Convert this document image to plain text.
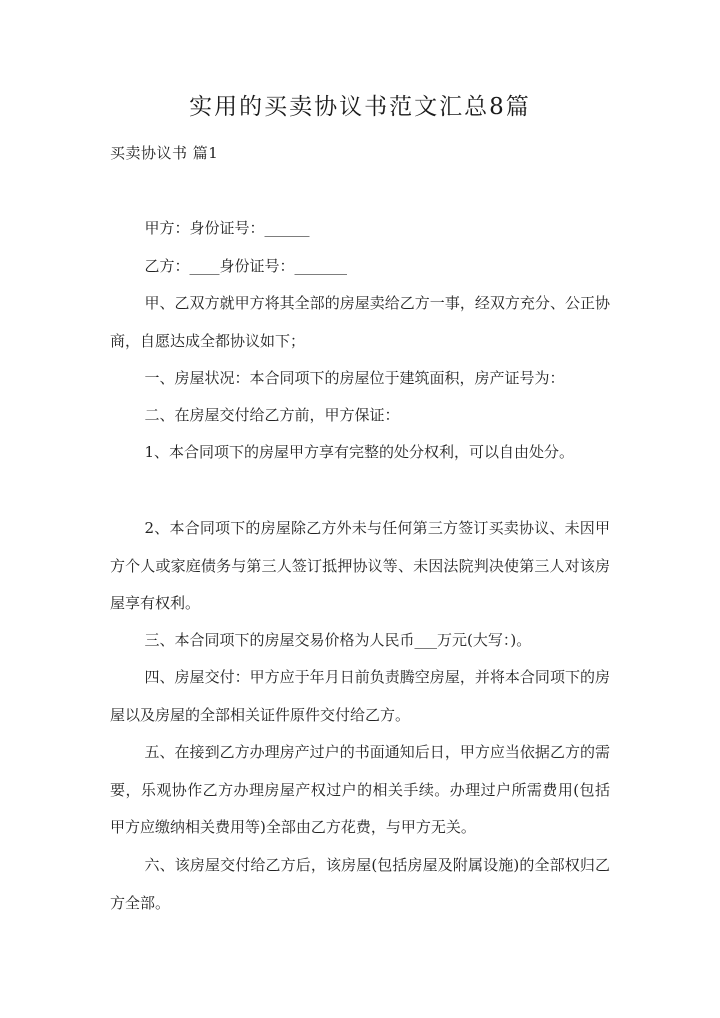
实用的买卖协议书范文汇总8篇
买卖协议书 篇1
甲方：身份证号：______
乙方：____身份证号：_______
甲、乙双方就甲方将其全部的房屋卖给乙方一事，经双方充分、公正协商，自愿达成全都协议如下；
一、房屋状况：本合同项下的房屋位于建筑面积，房产证号为：
二、在房屋交付给乙方前，甲方保证：
1、本合同项下的房屋甲方享有完整的处分权利，可以自由处分。
2、本合同项下的房屋除乙方外未与任何第三方签订买卖协议、未因甲方个人或家庭债务与第三人签订抵押协议等、未因法院判决使第三人对该房屋享有权利。
三、本合同项下的房屋交易价格为人民币___万元(大写：)。
四、房屋交付：甲方应于年月日前负责腾空房屋，并将本合同项下的房屋以及房屋的全部相关证件原件交付给乙方。
五、在接到乙方办理房产过户的书面通知后日，甲方应当依据乙方的需要，乐观协作乙方办理房屋产权过户的相关手续。办理过户所需费用(包括甲方应缴纳相关费用等)全部由乙方花费，与甲方无关。
六、该房屋交付给乙方后，该房屋(包括房屋及附属设施)的全部权归乙方全部。
